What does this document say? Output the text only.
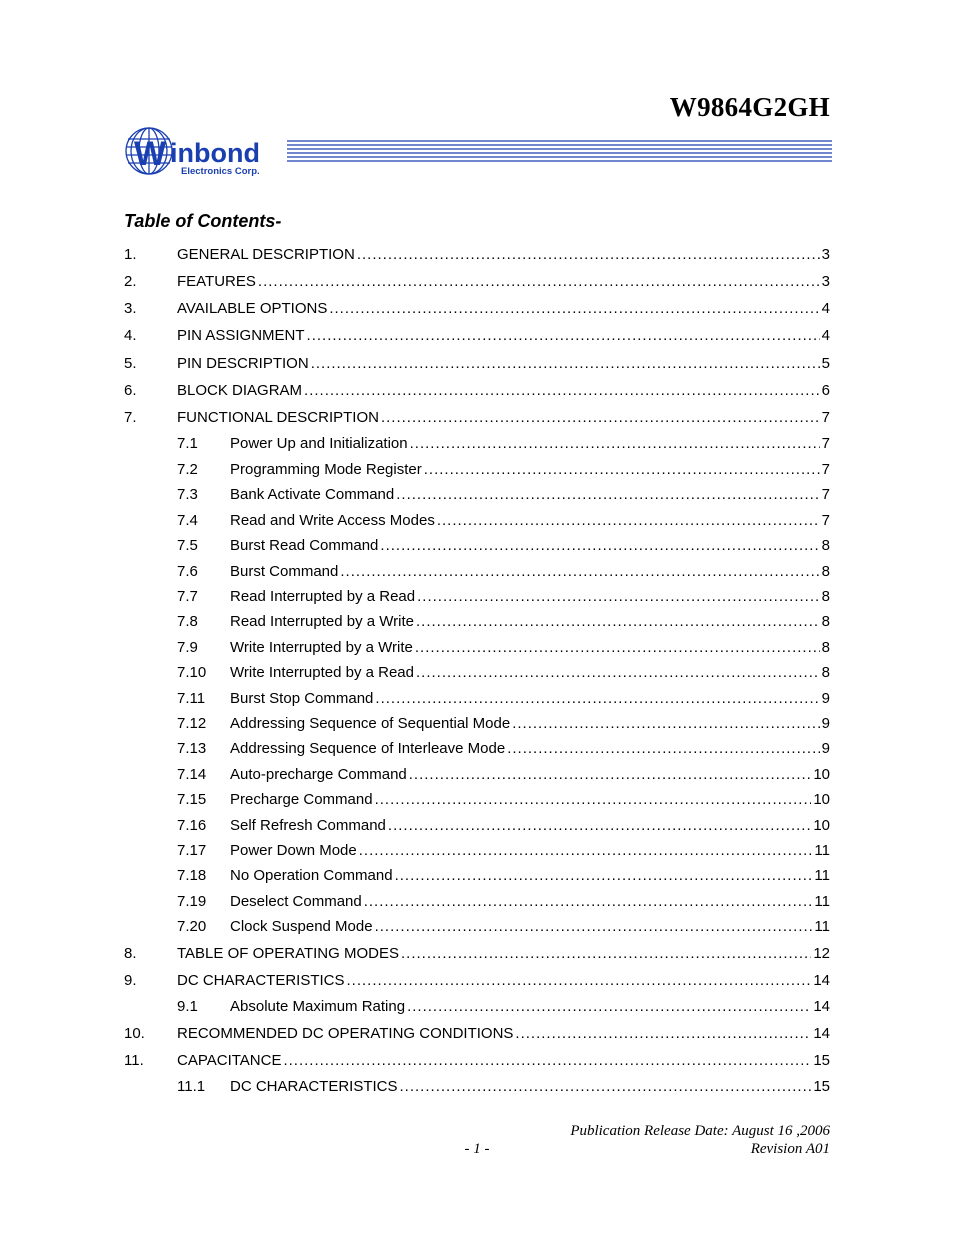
W9864G2GH
W inbond
Electronics Corp.
Table of Contents-
1.	GENERAL DESCRIPTION .....	3
2.	FEATURES .....	3
3.	AVAILABLE OPTIONS .....	4
4.	PIN ASSIGNMENT .....	4
5.	PIN DESCRIPTION .....	5
6.	BLOCK DIAGRAM .....	6
7.	FUNCTIONAL DESCRIPTION .....	7
7.1 Power Up and Initialization .....	7
7.2 Programming Mode Register .....	7
7.3 Bank Activate Command .....	7
7.4 Read and Write Access Modes .....	7
7.5 Burst Read Command .....	8
7.6 Burst Command .....	8
7.7 Read Interrupted by a Read .....	8
7.8 Read Interrupted by a Write .....	8
7.9 Write Interrupted by a Write .....	8
7.10 Write Interrupted by a Read .....	8
7.11 Burst Stop Command .....	9
7.12 Addressing Sequence of Sequential Mode .....	9
7.13 Addressing Sequence of Interleave Mode .....	9
7.14 Auto-precharge Command .....	10
7.15 Precharge Command .....	10
7.16 Self Refresh Command .....	10
7.17 Power Down Mode .....	11
7.18 No Operation Command .....	11
7.19 Deselect Command .....	11
7.20 Clock Suspend Mode .....	11
8.	TABLE OF OPERATING MODES .....	12
9.	DC CHARACTERISTICS .....	14
9.1 Absolute Maximum Rating .....	14
10. RECOMMENDED DC OPERATING CONDITIONS .....	14
11. CAPACITANCE .....	15
11.1 DC CHARACTERISTICS .....	15
Publication Release Date: August 16 ,2006
- 1 -	Revision A01
